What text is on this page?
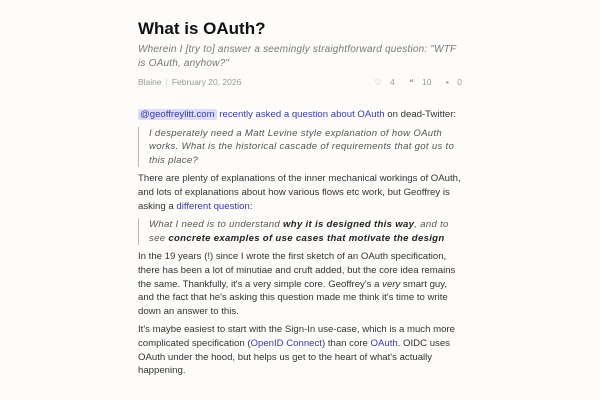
What is OAuth?
Wherein I [try to] answer a seemingly straightforward question: "WTF is OAuth, anyhow?"
Blaine | February 20, 2026	♡ 4 ❝ 10 ▪ 0

@geoffreylitt.com recently asked a question about OAuth on dead-Twitter:

I desperately need a Matt Levine style explanation of how OAuth works. What is the historical cascade of requirements that got us to this place?

There are plenty of explanations of the inner mechanical workings of OAuth, and lots of explanations about how various flows etc work, but Geoffrey is asking a different question:

What I need is to understand why it is designed this way, and to see concrete examples of use cases that motivate the design

In the 19 years (!) since I wrote the first sketch of an OAuth specification, there has been a lot of minutiae and cruft added, but the core idea remains the same. Thankfully, it's a very simple core. Geoffrey's a very smart guy, and the fact that he's asking this question made me think it's time to write down an answer to this.

It's maybe easiest to start with the Sign-In use-case, which is a much more complicated specification (OpenID Connect) than core OAuth. OIDC uses OAuth under the hood, but helps us get to the heart of what's actually happening.
